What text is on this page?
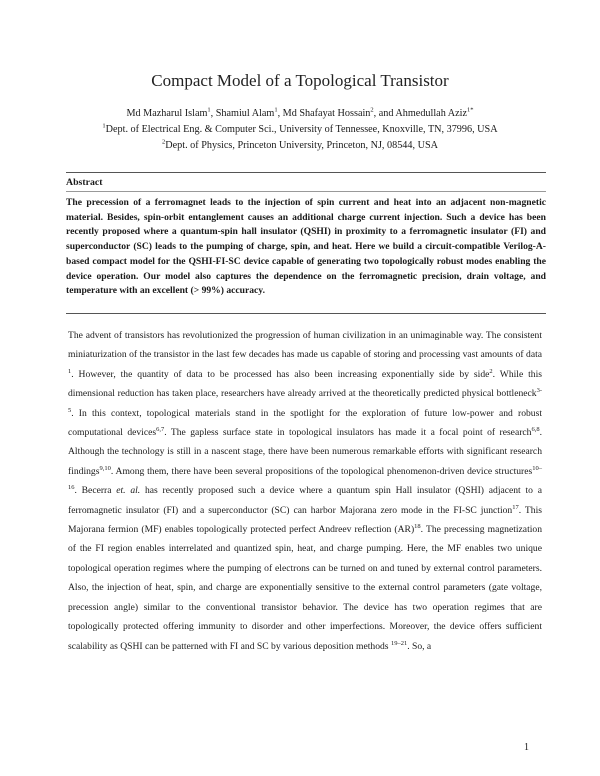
Compact Model of a Topological Transistor
Md Mazharul Islam$^1$, Shamiul Alam$^1$, Md Shafayat Hossain$^2$, and Ahmedullah Aziz$^{1*}$
$^1$Dept. of Electrical Eng. & Computer Sci., University of Tennessee, Knoxville, TN, 37996, USA
$^2$Dept. of Physics, Princeton University, Princeton, NJ, 08544, USA
Abstract
The precession of a ferromagnet leads to the injection of spin current and heat into an adjacent non-magnetic material. Besides, spin-orbit entanglement causes an additional charge current injection. Such a device has been recently proposed where a quantum-spin hall insulator (QSHI) in proximity to a ferromagnetic insulator (FI) and superconductor (SC) leads to the pumping of charge, spin, and heat. Here we build a circuit-compatible Verilog-A-based compact model for the QSHI-FI-SC device capable of generating two topologically robust modes enabling the device operation. Our model also captures the dependence on the ferromagnetic precision, drain voltage, and temperature with an excellent (> 99%) accuracy.
The advent of transistors has revolutionized the progression of human civilization in an unimaginable way. The consistent miniaturization of the transistor in the last few decades has made us capable of storing and processing vast amounts of data $^1$. However, the quantity of data to be processed has also been increasing exponentially side by side$^2$. While this dimensional reduction has taken place, researchers have already arrived at the theoretically predicted physical bottleneck$^{3-5}$. In this context, topological materials stand in the spotlight for the exploration of future low-power and robust computational devices$^{6,7}$. The gapless surface state in topological insulators has made it a focal point of research$^{6,8}$. Although the technology is still in a nascent stage, there have been numerous remarkable efforts with significant research findings$^{9,10}$. Among them, there have been several propositions of the topological phenomenon-driven device structures$^{10-16}$. Becerra et. al. has recently proposed such a device where a quantum spin Hall insulator (QSHI) adjacent to a ferromagnetic insulator (FI) and a superconductor (SC) can harbor Majorana zero mode in the FI-SC junction$^{17}$. This Majorana fermion (MF) enables topologically protected perfect Andreev reflection (AR)$^{18}$. The precessing magnetization of the FI region enables interrelated and quantized spin, heat, and charge pumping. Here, the MF enables two unique topological operation regimes where the pumping of electrons can be turned on and tuned by external control parameters. Also, the injection of heat, spin, and charge are exponentially sensitive to the external control parameters (gate voltage, precession angle) similar to the conventional transistor behavior. The device has two operation regimes that are topologically protected offering immunity to disorder and other imperfections. Moreover, the device offers sufficient scalability as QSHI can be patterned with FI and SC by various deposition methods $^{19-21}$. So, a
1
